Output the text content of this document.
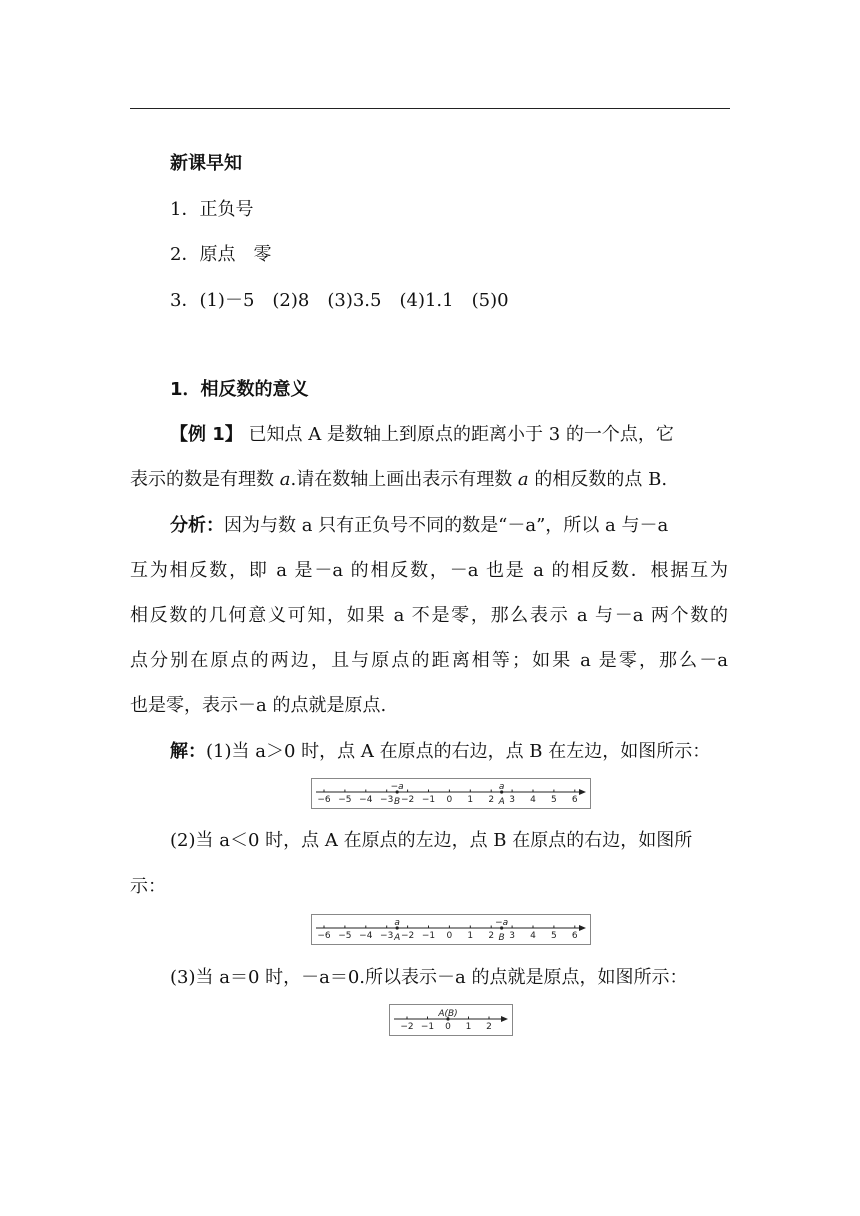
新课早知
1．正负号
2．原点　零
3．(1)－5　(2)8　(3)3.5　(4)1.1　(5)0
1．相反数的意义
【例 1】 已知点 A 是数轴上到原点的距离小于 3 的一个点，它
表示的数是有理数 a.请在数轴上画出表示有理数 a 的相反数的点 B.
分析：因为与数 a 只有正负号不同的数是“－a”，所以 a 与－a
互为相反数，即 a 是－a 的相反数，－a 也是 a 的相反数．根据互为
相反数的几何意义可知，如果 a 不是零，那么表示 a 与－a 两个数的
点分别在原点的两边，且与原点的距离相等；如果 a 是零，那么－a
也是零，表示－a 的点就是原点.
解：(1)当 a＞0 时，点 A 在原点的右边，点 B 在左边，如图所示：
−6 −5 −4 −3 −2 −1 0 1 2 3 4 5 6
−a
B
a
A
(2)当 a＜0 时，点 A 在原点的左边，点 B 在原点的右边，如图所
示：
−6 −5 −4 −3 −2 −1 0 1 2 3 4 5 6
a
A
−a
B
(3)当 a＝0 时，－a＝0.所以表示－a 的点就是原点，如图所示：
−2 −1 0 1 2
A(B)
